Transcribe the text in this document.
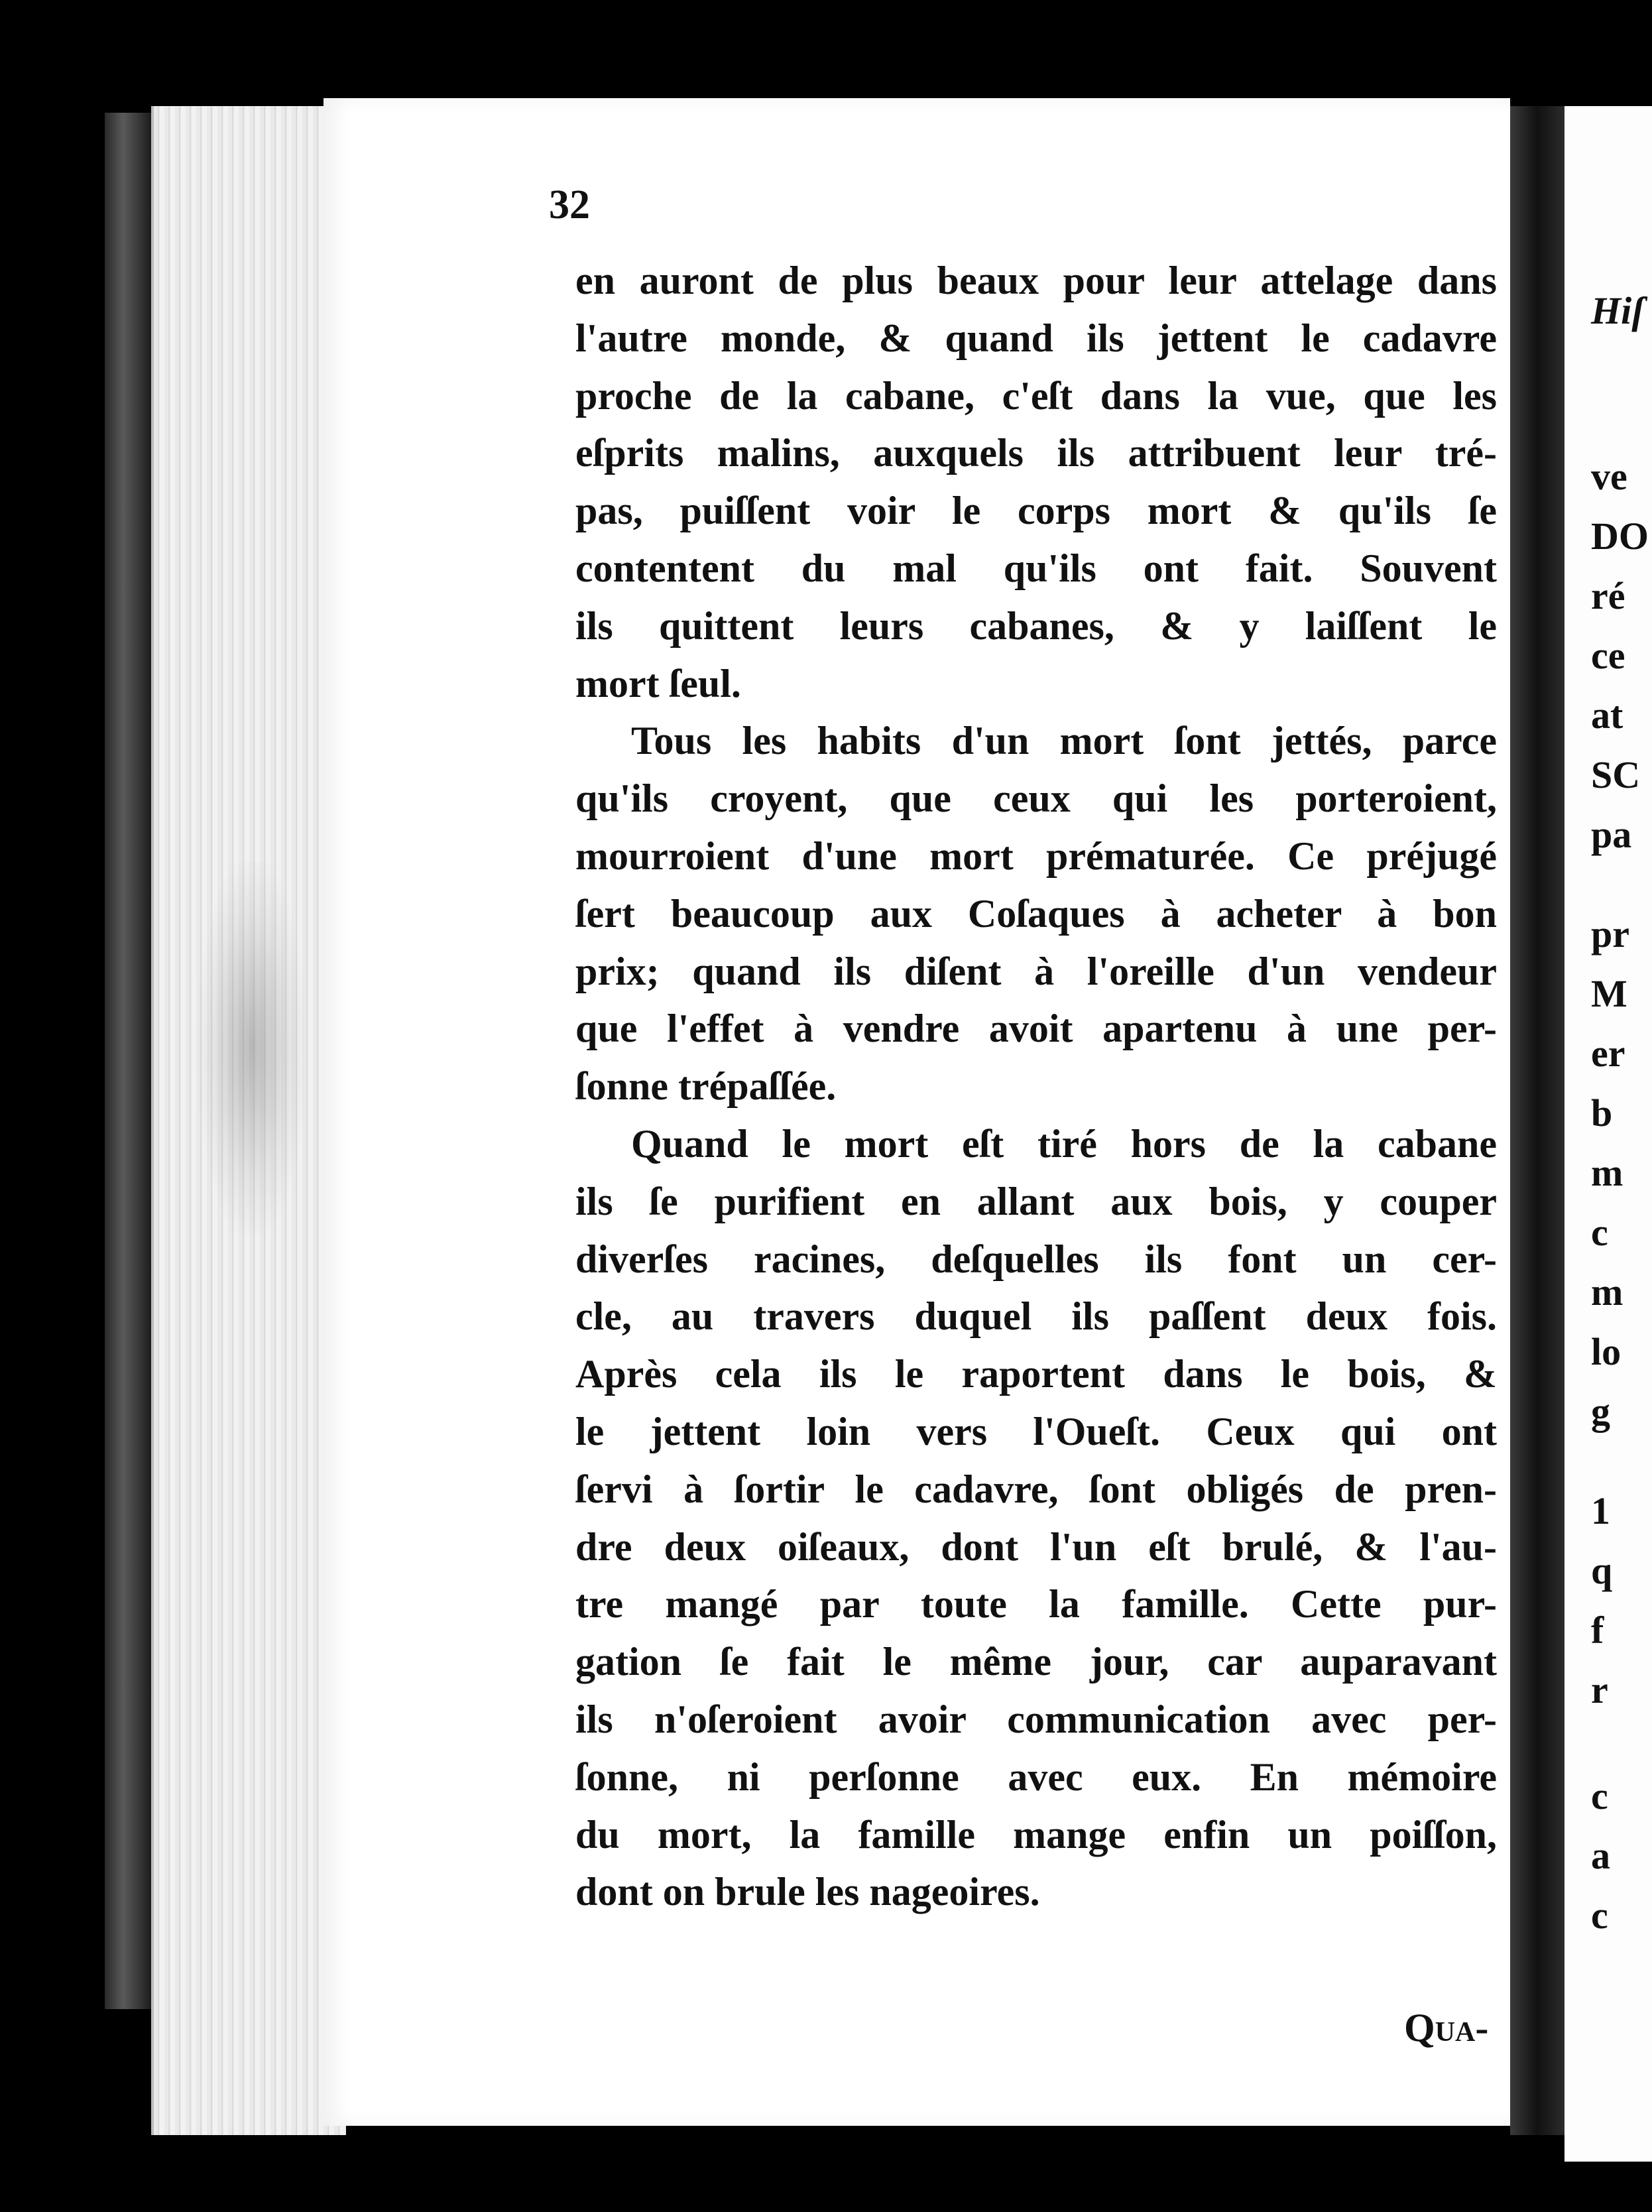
32
en auront de plus beaux pour leur attelage dans
l'autre monde, & quand ils jettent le cadavre
proche de la cabane, c'eſt dans la vue, que les
eſprits malins, auxquels ils attribuent leur tré-
pas, puiſſent voir le corps mort & qu'ils ſe
contentent du mal qu'ils ont fait. Souvent
ils quittent leurs cabanes, & y laiſſent le
mort ſeul.
Tous les habits d'un mort ſont jettés, parce
qu'ils croyent, que ceux qui les porteroient,
mourroient d'une mort prématurée. Ce préjugé
ſert beaucoup aux Coſaques à acheter à bon
prix; quand ils diſent à l'oreille d'un vendeur
que l'effet à vendre avoit apartenu à une per-
ſonne trépaſſée.
Quand le mort eſt tiré hors de la cabane
ils ſe purifient en allant aux bois, y couper
diverſes racines, deſquelles ils font un cer-
cle, au travers duquel ils paſſent deux fois.
Après cela ils le raportent dans le bois, &
le jettent loin vers l'Oueſt. Ceux qui ont
ſervi à ſortir le cadavre, ſont obligés de pren-
dre deux oiſeaux, dont l'un eſt brulé, & l'au-
tre mangé par toute la famille. Cette pur-
gation ſe fait le même jour, car auparavant
ils n'oſeroient avoir communication avec per-
ſonne, ni perſonne avec eux. En mémoire
du mort, la famille mange enfin un poiſſon,
dont on brule les nageoires.
Qua-
Hiſ
ve
DO
ré
ce
at
SC
pa
pr
M
er
b
m
c
m
lo
g
1
q
f
r
c
a
c
